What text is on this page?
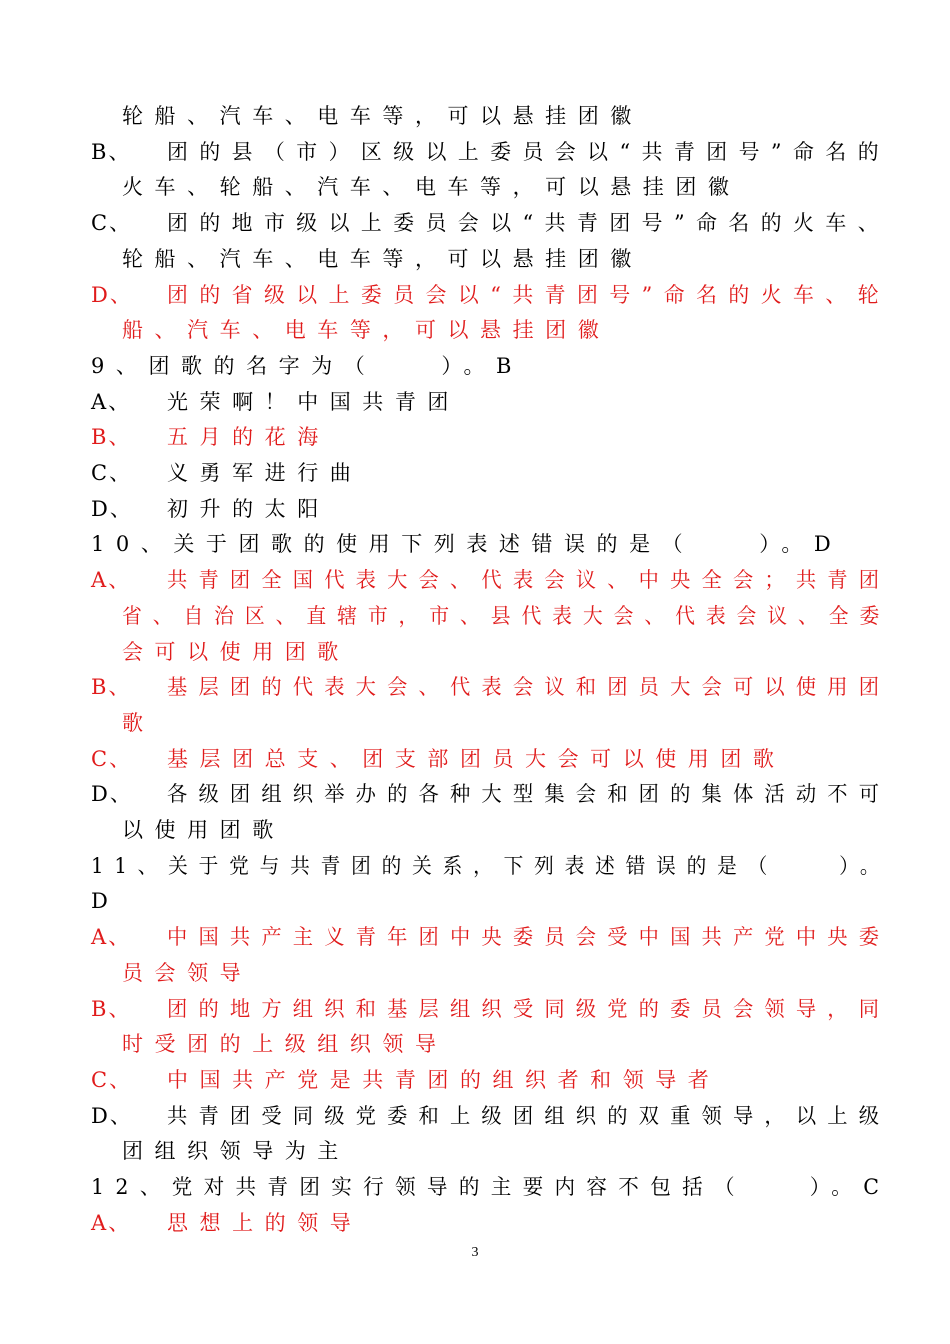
轮船、汽车、电车等，可以悬挂团徽
B、 团的县（市）区级以上委员会以“共青团号”命名的
火车、轮船、汽车、电车等，可以悬挂团徽
C、 团的地市级以上委员会以“共青团号”命名的火车、
轮船、汽车、电车等，可以悬挂团徽
D、 团的省级以上委员会以“共青团号”命名的火车、轮
船、汽车、电车等，可以悬挂团徽
9、团歌的名字为（　　）。B
A、 光荣啊！中国共青团
B、 五月的花海
C、 义勇军进行曲
D、 初升的太阳
10、关于团歌的使用下列表述错误的是（　　）。D
A、 共青团全国代表大会、代表会议、中央全会；共青团
省、自治区、直辖市，市、县代表大会、代表会议、全委
会可以使用团歌
B、 基层团的代表大会、代表会议和团员大会可以使用团
歌
C、 基层团总支、团支部团员大会可以使用团歌
D、 各级团组织举办的各种大型集会和团的集体活动不可
以使用团歌
11、关于党与共青团的关系，下列表述错误的是（　　）。
D
A、 中国共产主义青年团中央委员会受中国共产党中央委
员会领导
B、 团的地方组织和基层组织受同级党的委员会领导，同
时受团的上级组织领导
C、 中国共产党是共青团的组织者和领导者
D、 共青团受同级党委和上级团组织的双重领导，以上级
团组织领导为主
12、党对共青团实行领导的主要内容不包括（　　）。C
A、 思想上的领导
3
